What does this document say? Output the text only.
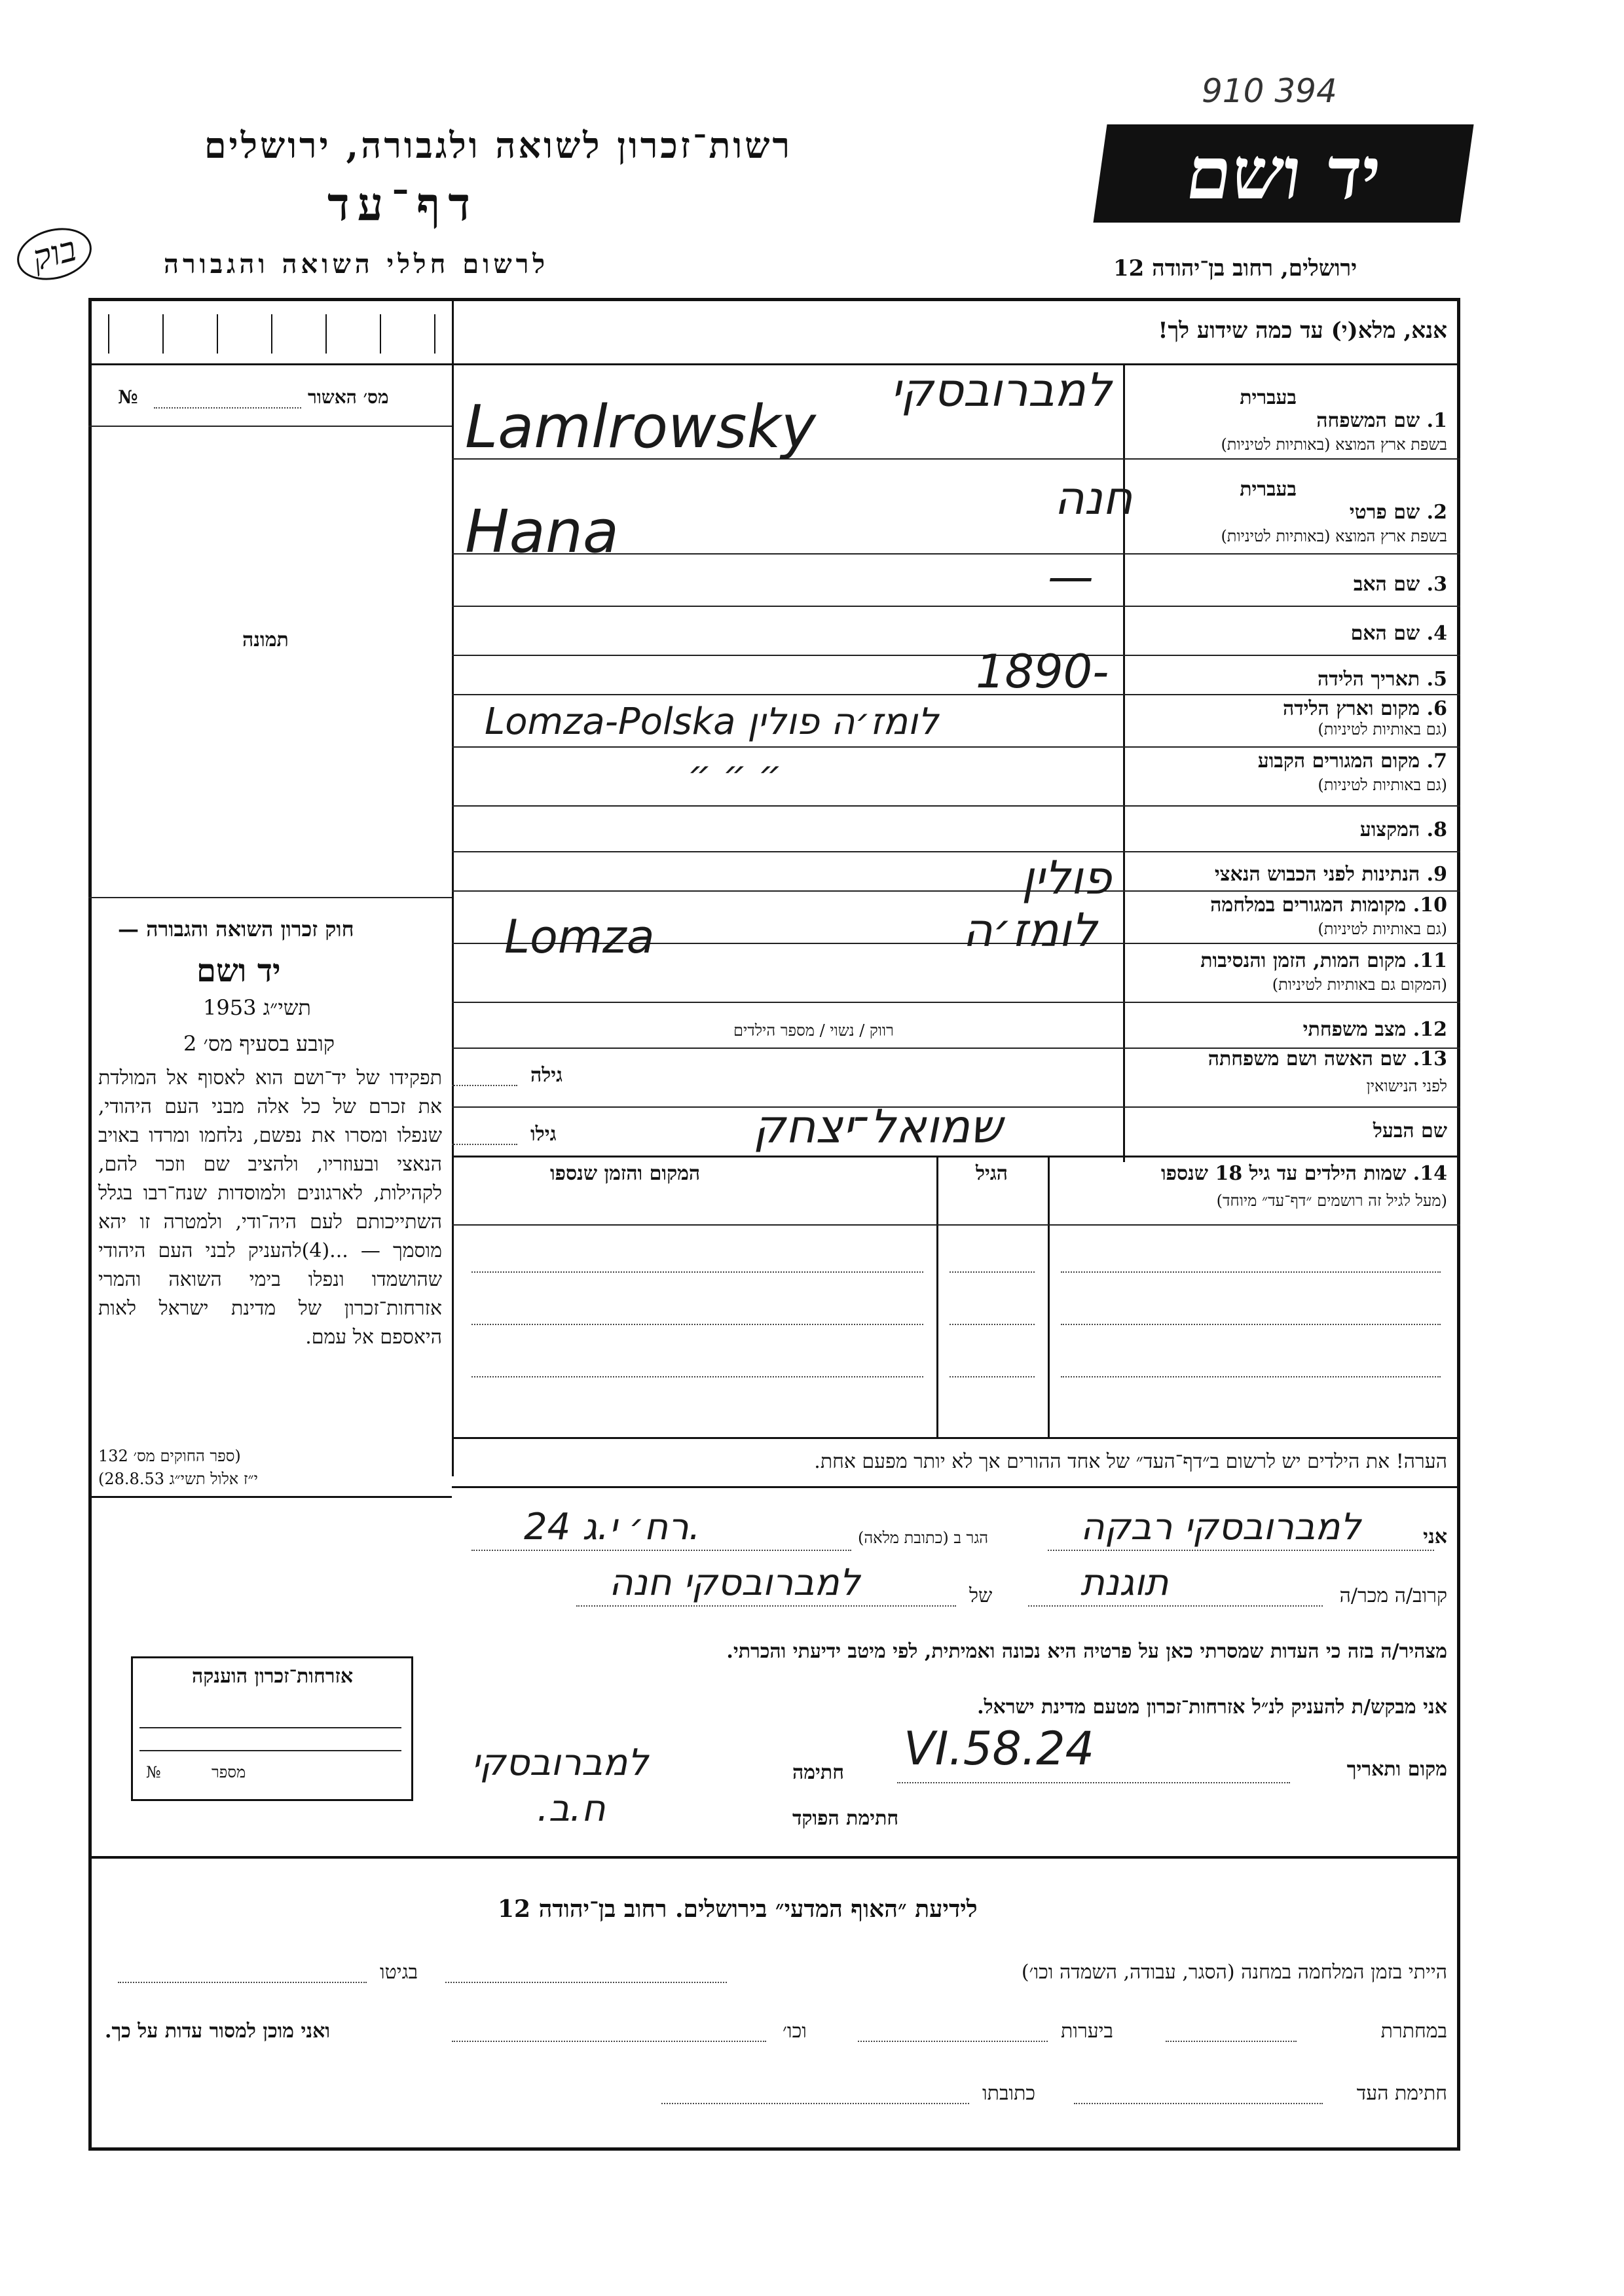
910 394
בוק
רשות־זכרון לשואה ולגבורה, ירושלים
דף־עד
לרשום חללי השואה והגבורה
יד ושם
ירושלים, רחוב בן־יהודה 12
אנא, מלא(י) עד כמה שידוע לך!
מס׳ האשור
№
תמונה
בעברית
בעברית
1. שם המשפחה
בשפת ארץ המוצא (באותיות לטיניות)
2. שם פרטי
בשפת ארץ המוצא (באותיות לטיניות)
3. שם האב
4. שם האם
5. תאריך הלידה
6. מקום וארץ הלידה
(גם באותיות לטיניות)
7. מקום המגורים הקבוע
(גם באותיות לטיניות)
8. המקצוע
9. הנתינות לפני הכבוש הנאצי
10. מקומות המגורים במלחמה
(גם באותיות לטיניות)
11. מקום המות, הזמן והנסיבות
(המקום גם באותיות לטיניות)
12. מצב משפחתי
רווק / נשוי / מספר הילדים
13. שם האשה ושם משפחתה
לפני הנישואין
גילה
שם הבעל
גילו
למברובסקי
Lamlrowsky
חנה
Hana
—
1890-
Lomza-Polska לומז׳ה פולין
״ ״ ״
פולין
Lomza	לומז׳ה
שמואל־יצחק
14. שמות הילדים עד גיל 18 שנספו
(מעל לגיל זה רושמים ״דף־עד״ מיוחד)
הגיל
המקום והזמן שנספו
הערה! את הילדים יש לרשום ב״דף־העד״ של אחד ההורים אך לא יותר מפעם אחת.
חוק זכרון השואה והגבורה —
יד ושם
תשי״ג 1953
קובע בסעיף מס׳ 2
תפקידו של יד־ושם הוא לאסוף אל המולדת את זכרם של כל אלה מבני העם היהודי, שנפלו ומסרו את נפשם, נלחמו ומרדו באויב הנאצי ובעוזריו, ולהציב שם וזכר להם, לקהילות, לארגונים ולמוסדות שנח־רבו בגלל השתייכותם לעם היה־ודי, ולמטרה זו יהא מוסמך — ...(4)להעניק לבני העם היהודי שהושמדו ונפלו בימי השואה והמרי אזרחות־זכרון של מדינת ישראל לאות היאספם אל עמם.
(ספר החוקים מס׳ 132
י״ז אלול תשי״ג 28.8.53)
אני
למברובסקי רבקה
הגר ב (כתובת מלאה)
24 רח׳ י.ג.
קרוב/ה מכר/ה
תוגנת
של
למברובסקי חנה
מצהיר/ה בזה כי העדות שמסרתי כאן על פרטיה היא נכונה ואמיתית, לפי מיטב ידיעתי והכרתי.
אני מבקש/ת להעניק לנ״ל אזרחות־זכרון מטעם מדינת ישראל.
מקום ותאריך
24.VI.58
חתימה
למברובסקי
חתימת הפוקד
ח.ב.
אזרחות־זכרון הוענקה
№	מספר
לידיעת ״האוף המדעי״ בירושלים. רחוב בן־יהודה 12
הייתי בזמן המלחמה במחנה (הסגר, עבודה, השמדה וכו׳)
בגיטו
במחתרת
ביערות
וכו׳
ואני מוכן למסור עדות על כך.
חתימת העד
כתובתו
